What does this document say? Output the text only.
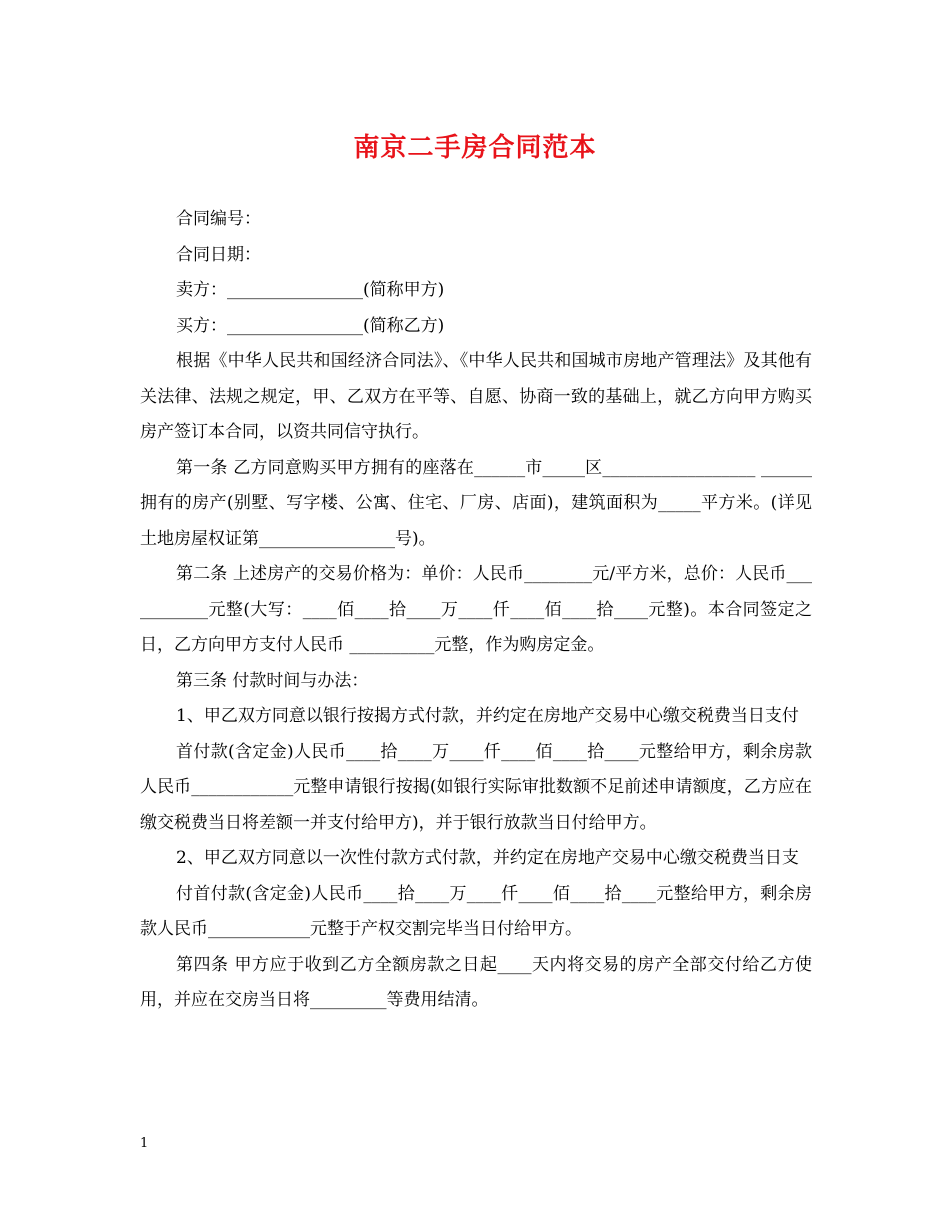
南京二手房合同范本

合同编号：

合同日期：

卖方：________________(简称甲方)

买方：________________(简称乙方)

根据《中华人民共和国经济合同法》、《中华人民共和国城市房地产管理法》及其他有关法律、法规之规定，甲、乙双方在平等、自愿、协商一致的基础上，就乙方向甲方购买房产签订本合同，以资共同信守执行。

第一条 乙方同意购买甲方拥有的座落在______市_____区__________________ ______拥有的房产(别墅、写字楼、公寓、住宅、厂房、店面)，建筑面积为_____平方米。(详见土地房屋权证第________________号)。

第二条 上述房产的交易价格为：单价：人民币________元/平方米，总价：人民币___________元整(大写：____佰____拾____万____仟____佰____拾____元整)。本合同签定之日，乙方向甲方支付人民币 __________元整，作为购房定金。

第三条 付款时间与办法：

1、甲乙双方同意以银行按揭方式付款，并约定在房地产交易中心缴交税费当日支付

首付款(含定金)人民币____拾____万____仟____佰____拾____元整给甲方，剩余房款人民币____________元整申请银行按揭(如银行实际审批数额不足前述申请额度，乙方应在　　缴交税费当日将差额一并支付给甲方)，并于银行放款当日付给甲方。

2、甲乙双方同意以一次性付款方式付款，并约定在房地产交易中心缴交税费当日支

付首付款(含定金)人民币____拾____万____仟____佰____拾____元整给甲方，剩余房款人民币____________元整于产权交割完毕当日付给甲方。

第四条 甲方应于收到乙方全额房款之日起____天内将交易的房产全部交付给乙方使用，并应在交房当日将_________等费用结清。

1
